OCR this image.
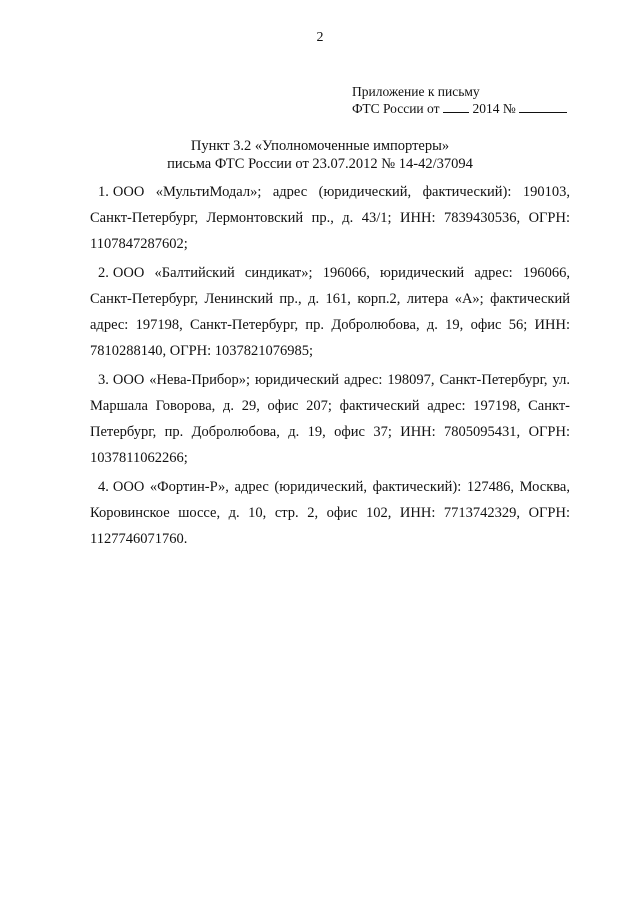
2
Приложение к письму
ФТС России от 2014 №
Пункт 3.2 «Уполномоченные импортеры»
письма ФТС России от 23.07.2012 № 14-42/37094

1. ООО «МультиМодал»; адрес (юридический, фактический): 190103, Санкт-Петербург, Лермонтовский пр., д. 43/1; ИНН: 7839430536, ОГРН: 1107847287602;

2. ООО «Балтийский синдикат»; 196066, юридический адрес: 196066, Санкт-Петербург, Ленинский пр., д. 161, корп.2, литера «А»; фактический адрес: 197198, Санкт-Петербург, пр. Добролюбова, д. 19, офис 56; ИНН: 7810288140, ОГРН: 1037821076985;

3. ООО «Нева-Прибор»; юридический адрес: 198097, Санкт-Петербург, ул. Маршала Говорова, д. 29, офис 207; фактический адрес: 197198, Санкт-Петербург, пр. Добролюбова, д. 19, офис 37; ИНН: 7805095431, ОГРН: 1037811062266;

4. ООО «Фортин-Р», адрес (юридический, фактический): 127486, Москва, Коровинское шоссе, д. 10, стр. 2, офис 102, ИНН: 7713742329, ОГРН: 1127746071760.
